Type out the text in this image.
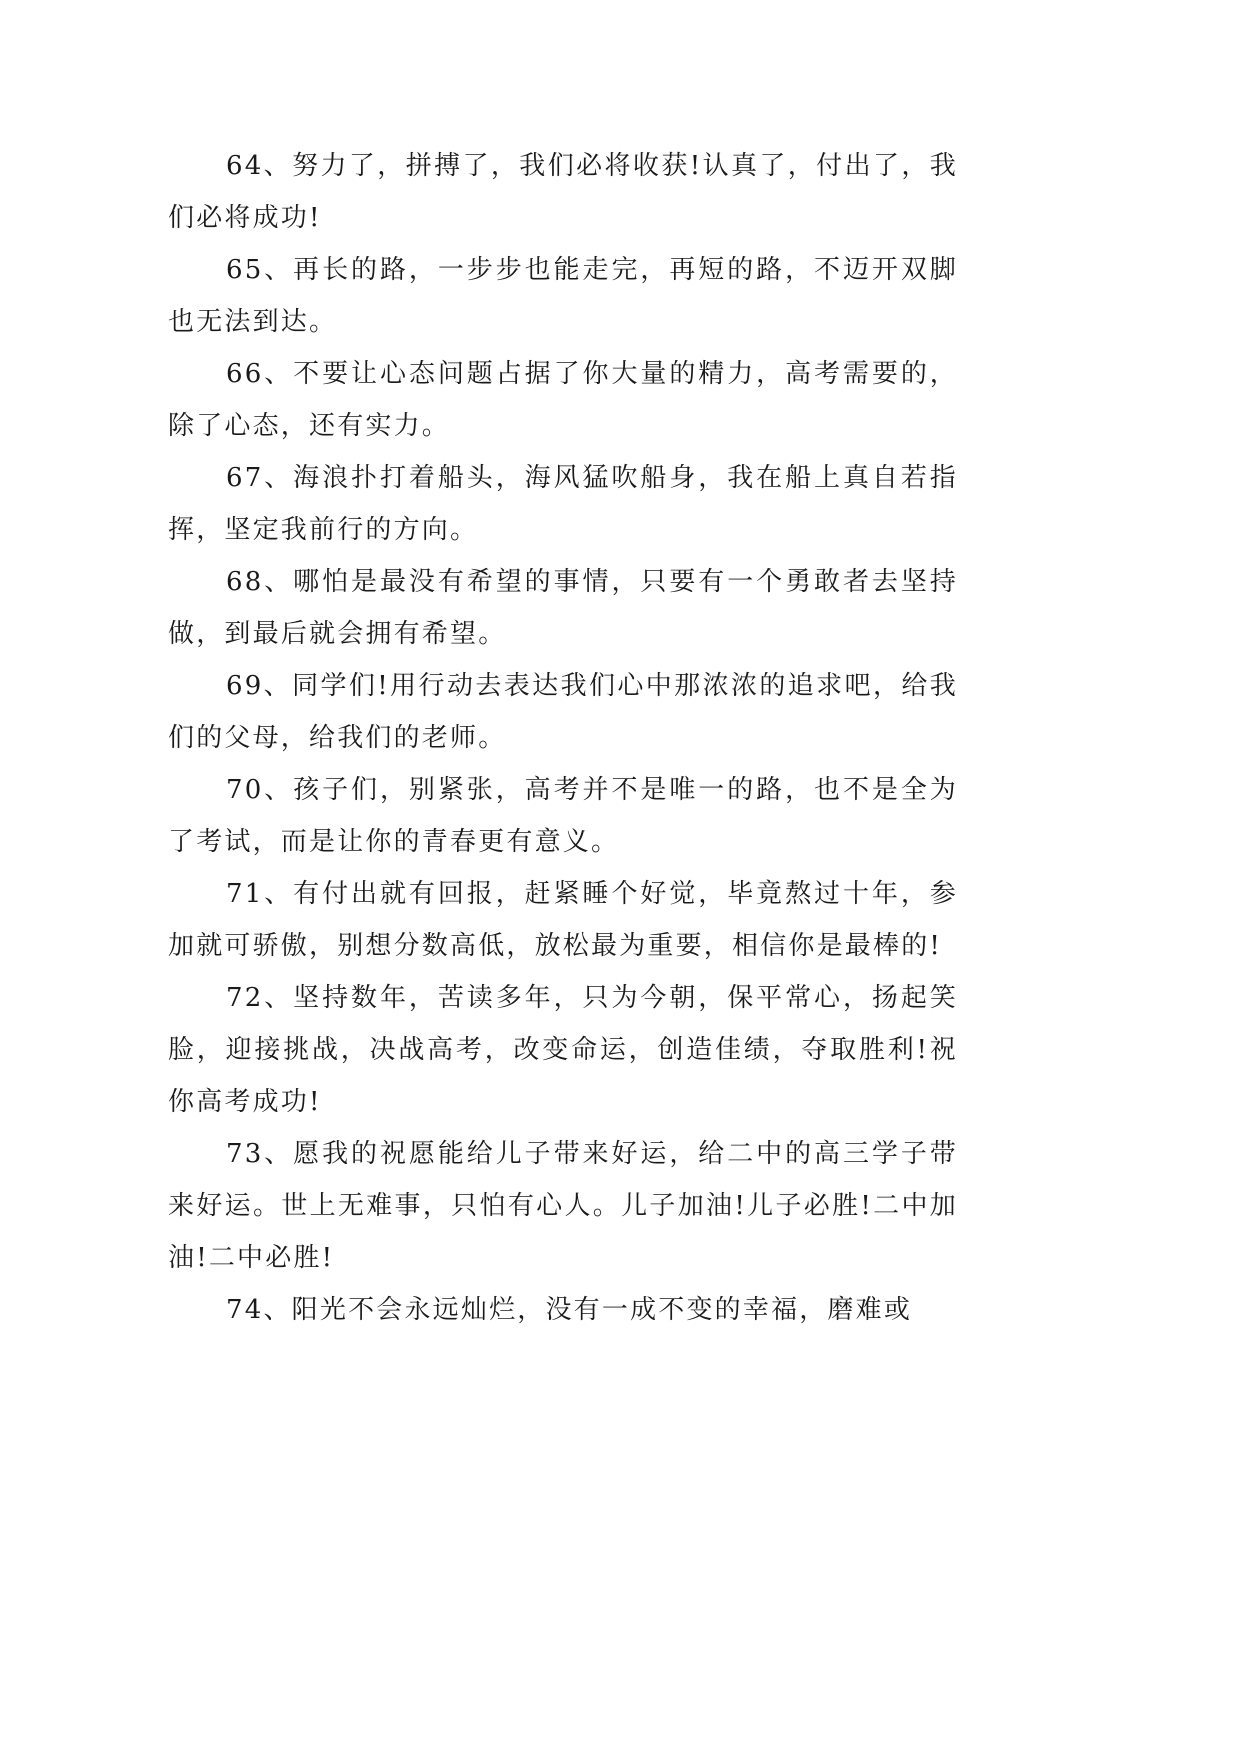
64、努力了，拼搏了，我们必将收获!认真了，付出了，我们必将成功!

65、再长的路，一步步也能走完，再短的路，不迈开双脚也无法到达。

66、不要让心态问题占据了你大量的精力，高考需要的，除了心态，还有实力。

67、海浪扑打着船头，海风猛吹船身，我在船上真自若指挥，坚定我前行的方向。

68、哪怕是最没有希望的事情，只要有一个勇敢者去坚持做，到最后就会拥有希望。

69、同学们!用行动去表达我们心中那浓浓的追求吧，给我们的父母，给我们的老师。

70、孩子们，别紧张，高考并不是唯一的路，也不是全为了考试，而是让你的青春更有意义。

71、有付出就有回报，赶紧睡个好觉，毕竟熬过十年，参加就可骄傲，别想分数高低，放松最为重要，相信你是最棒的!

72、坚持数年，苦读多年，只为今朝，保平常心，扬起笑脸，迎接挑战，决战高考，改变命运，创造佳绩，夺取胜利!祝你高考成功!

73、愿我的祝愿能给儿子带来好运，给二中的高三学子带来好运。世上无难事，只怕有心人。儿子加油!儿子必胜!二中加油!二中必胜!

74、阳光不会永远灿烂，没有一成不变的幸福，磨难或
